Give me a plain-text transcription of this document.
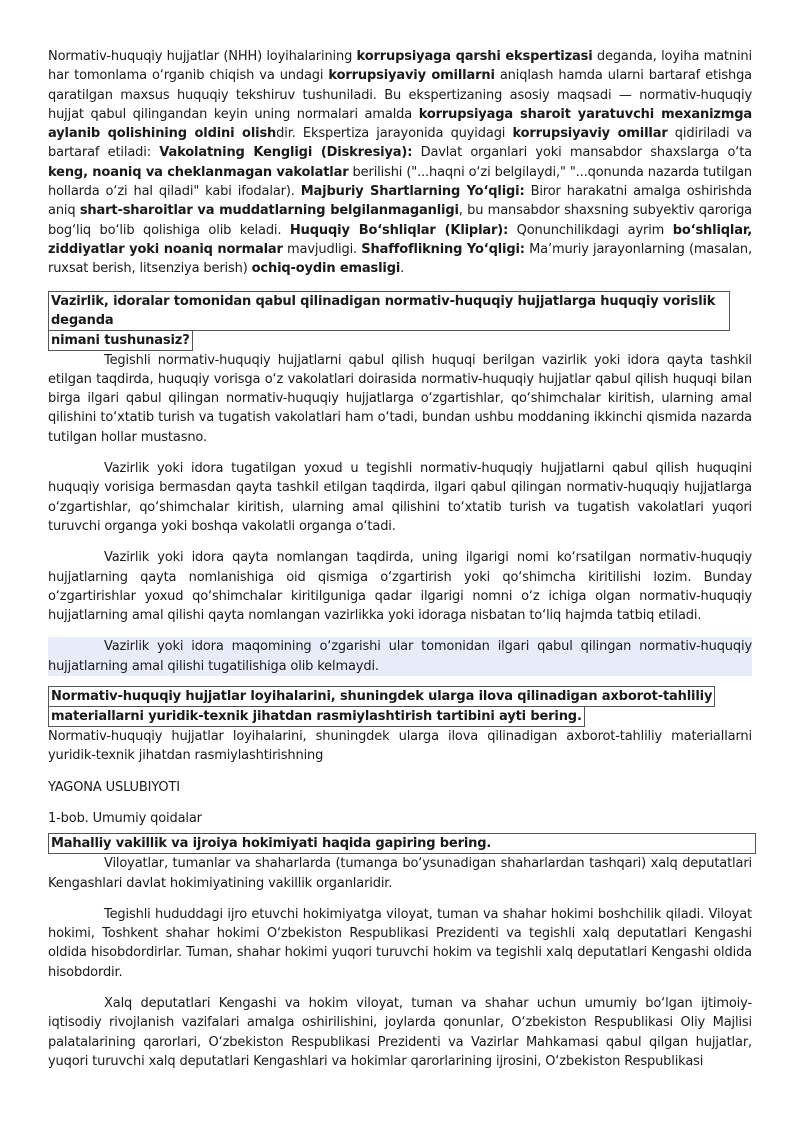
Normativ-huquqiy hujjatlar (NHH) loyihalarining korrupsiyaga qarshi ekspertizasi deganda, loyiha matnini har tomonlama o‘rganib chiqish va undagi korrupsiyaviy omillarni aniqlash hamda ularni bartaraf etishga qaratilgan maxsus huquqiy tekshiruv tushuniladi. Bu ekspertizaning asosiy maqsadi — normativ-huquqiy hujjat qabul qilingandan keyin uning normalari amalda korrupsiyaga sharoit yaratuvchi mexanizmga aylanib qolishining oldini olishdir. Ekspertiza jarayonida quyidagi korrupsiyaviy omillar qidiriladi va bartaraf etiladi: Vakolatning Kengligi (Diskresiya): Davlat organlari yoki mansabdor shaxslarga o‘ta keng, noaniq va cheklanmagan vakolatlar berilishi ("...haqni o‘zi belgilaydi," "...qonunda nazarda tutilgan hollarda o‘zi hal qiladi" kabi ifodalar). Majburiy Shartlarning Yo‘qligi: Biror harakatni amalga oshirishda aniq shart-sharoitlar va muddatlarning belgilanmaganligi, bu mansabdor shaxsning subyektiv qaroriga bog‘liq bo‘lib qolishiga olib keladi. Huquqiy Bo‘shliqlar (Kliplar): Qonunchilikdagi ayrim bo‘shliqlar, ziddiyatlar yoki noaniq normalar mavjudligi. Shaffoflikning Yo‘qligi: Ma’muriy jarayonlarning (masalan, ruxsat berish, litsenziya berish) ochiq-oydin emasligi.

Vazirlik, idoralar tomonidan qabul qilinadigan normativ-huquqiy hujjatlarga huquqiy vorislik deganda
nimani tushunasiz?

Tegishli normativ-huquqiy hujjatlarni qabul qilish huquqi berilgan vazirlik yoki idora qayta tashkil etilgan taqdirda, huquqiy vorisga o‘z vakolatlari doirasida normativ-huquqiy hujjatlar qabul qilish huquqi bilan birga ilgari qabul qilingan normativ-huquqiy hujjatlarga o‘zgartishlar, qo‘shimchalar kiritish, ularning amal qilishini to‘xtatib turish va tugatish vakolatlari ham o‘tadi, bundan ushbu moddaning ikkinchi qismida nazarda tutilgan hollar mustasno.

Vazirlik yoki idora tugatilgan yoxud u tegishli normativ-huquqiy hujjatlarni qabul qilish huquqini huquqiy vorisiga bermasdan qayta tashkil etilgan taqdirda, ilgari qabul qilingan normativ-huquqiy hujjatlarga o‘zgartishlar, qo‘shimchalar kiritish, ularning amal qilishini to‘xtatib turish va tugatish vakolatlari yuqori turuvchi organga yoki boshqa vakolatli organga o‘tadi.

Vazirlik yoki idora qayta nomlangan taqdirda, uning ilgarigi nomi ko‘rsatilgan normativ-huquqiy hujjatlarning qayta nomlanishiga oid qismiga o‘zgartirish yoki qo‘shimcha kiritilishi lozim. Bunday o‘zgartirishlar yoxud qo‘shimchalar kiritilguniga qadar ilgarigi nomni o‘z ichiga olgan normativ-huquqiy hujjatlarning amal qilishi qayta nomlangan vazirlikka yoki idoraga nisbatan to‘liq hajmda tatbiq etiladi.

Vazirlik yoki idora maqomining o‘zgarishi ular tomonidan ilgari qabul qilingan normativ-huquqiy hujjatlarning amal qilishi tugatilishiga olib kelmaydi.

Normativ-huquqiy hujjatlar loyihalarini, shuningdek ularga ilova qilinadigan axborot-tahliliy
materiallarni yuridik-texnik jihatdan rasmiylashtirish tartibini ayti bering.

Normativ-huquqiy hujjatlar loyihalarini, shuningdek ularga ilova qilinadigan axborot-tahliliy materiallarni yuridik-texnik jihatdan rasmiylashtirishning

YAGONA USLUBIYOTI

1-bob. Umumiy qoidalar

Mahalliy vakillik va ijroiya hokimiyati haqida gapiring bering.

Viloyatlar, tumanlar va shaharlarda (tumanga bo‘ysunadigan shaharlardan tashqari) xalq deputatlari Kengashlari davlat hokimiyatining vakillik organlaridir.

Tegishli hududdagi ijro etuvchi hokimiyatga viloyat, tuman va shahar hokimi boshchilik qiladi. Viloyat hokimi, Toshkent shahar hokimi O‘zbekiston Respublikasi Prezidenti va tegishli xalq deputatlari Kengashi oldida hisobdordirlar. Tuman, shahar hokimi yuqori turuvchi hokim va tegishli xalq deputatlari Kengashi oldida hisobdordir.

Xalq deputatlari Kengashi va hokim viloyat, tuman va shahar uchun umumiy bo‘lgan ijtimoiy-iqtisodiy rivojlanish vazifalari amalga oshirilishini, joylarda qonunlar, O‘zbekiston Respublikasi Oliy Majlisi palatalarining qarorlari, O‘zbekiston Respublikasi Prezidenti va Vazirlar Mahkamasi qabul qilgan hujjatlar, yuqori turuvchi xalq deputatlari Kengashlari va hokimlar qarorlarining ijrosini, O‘zbekiston Respublikasi
